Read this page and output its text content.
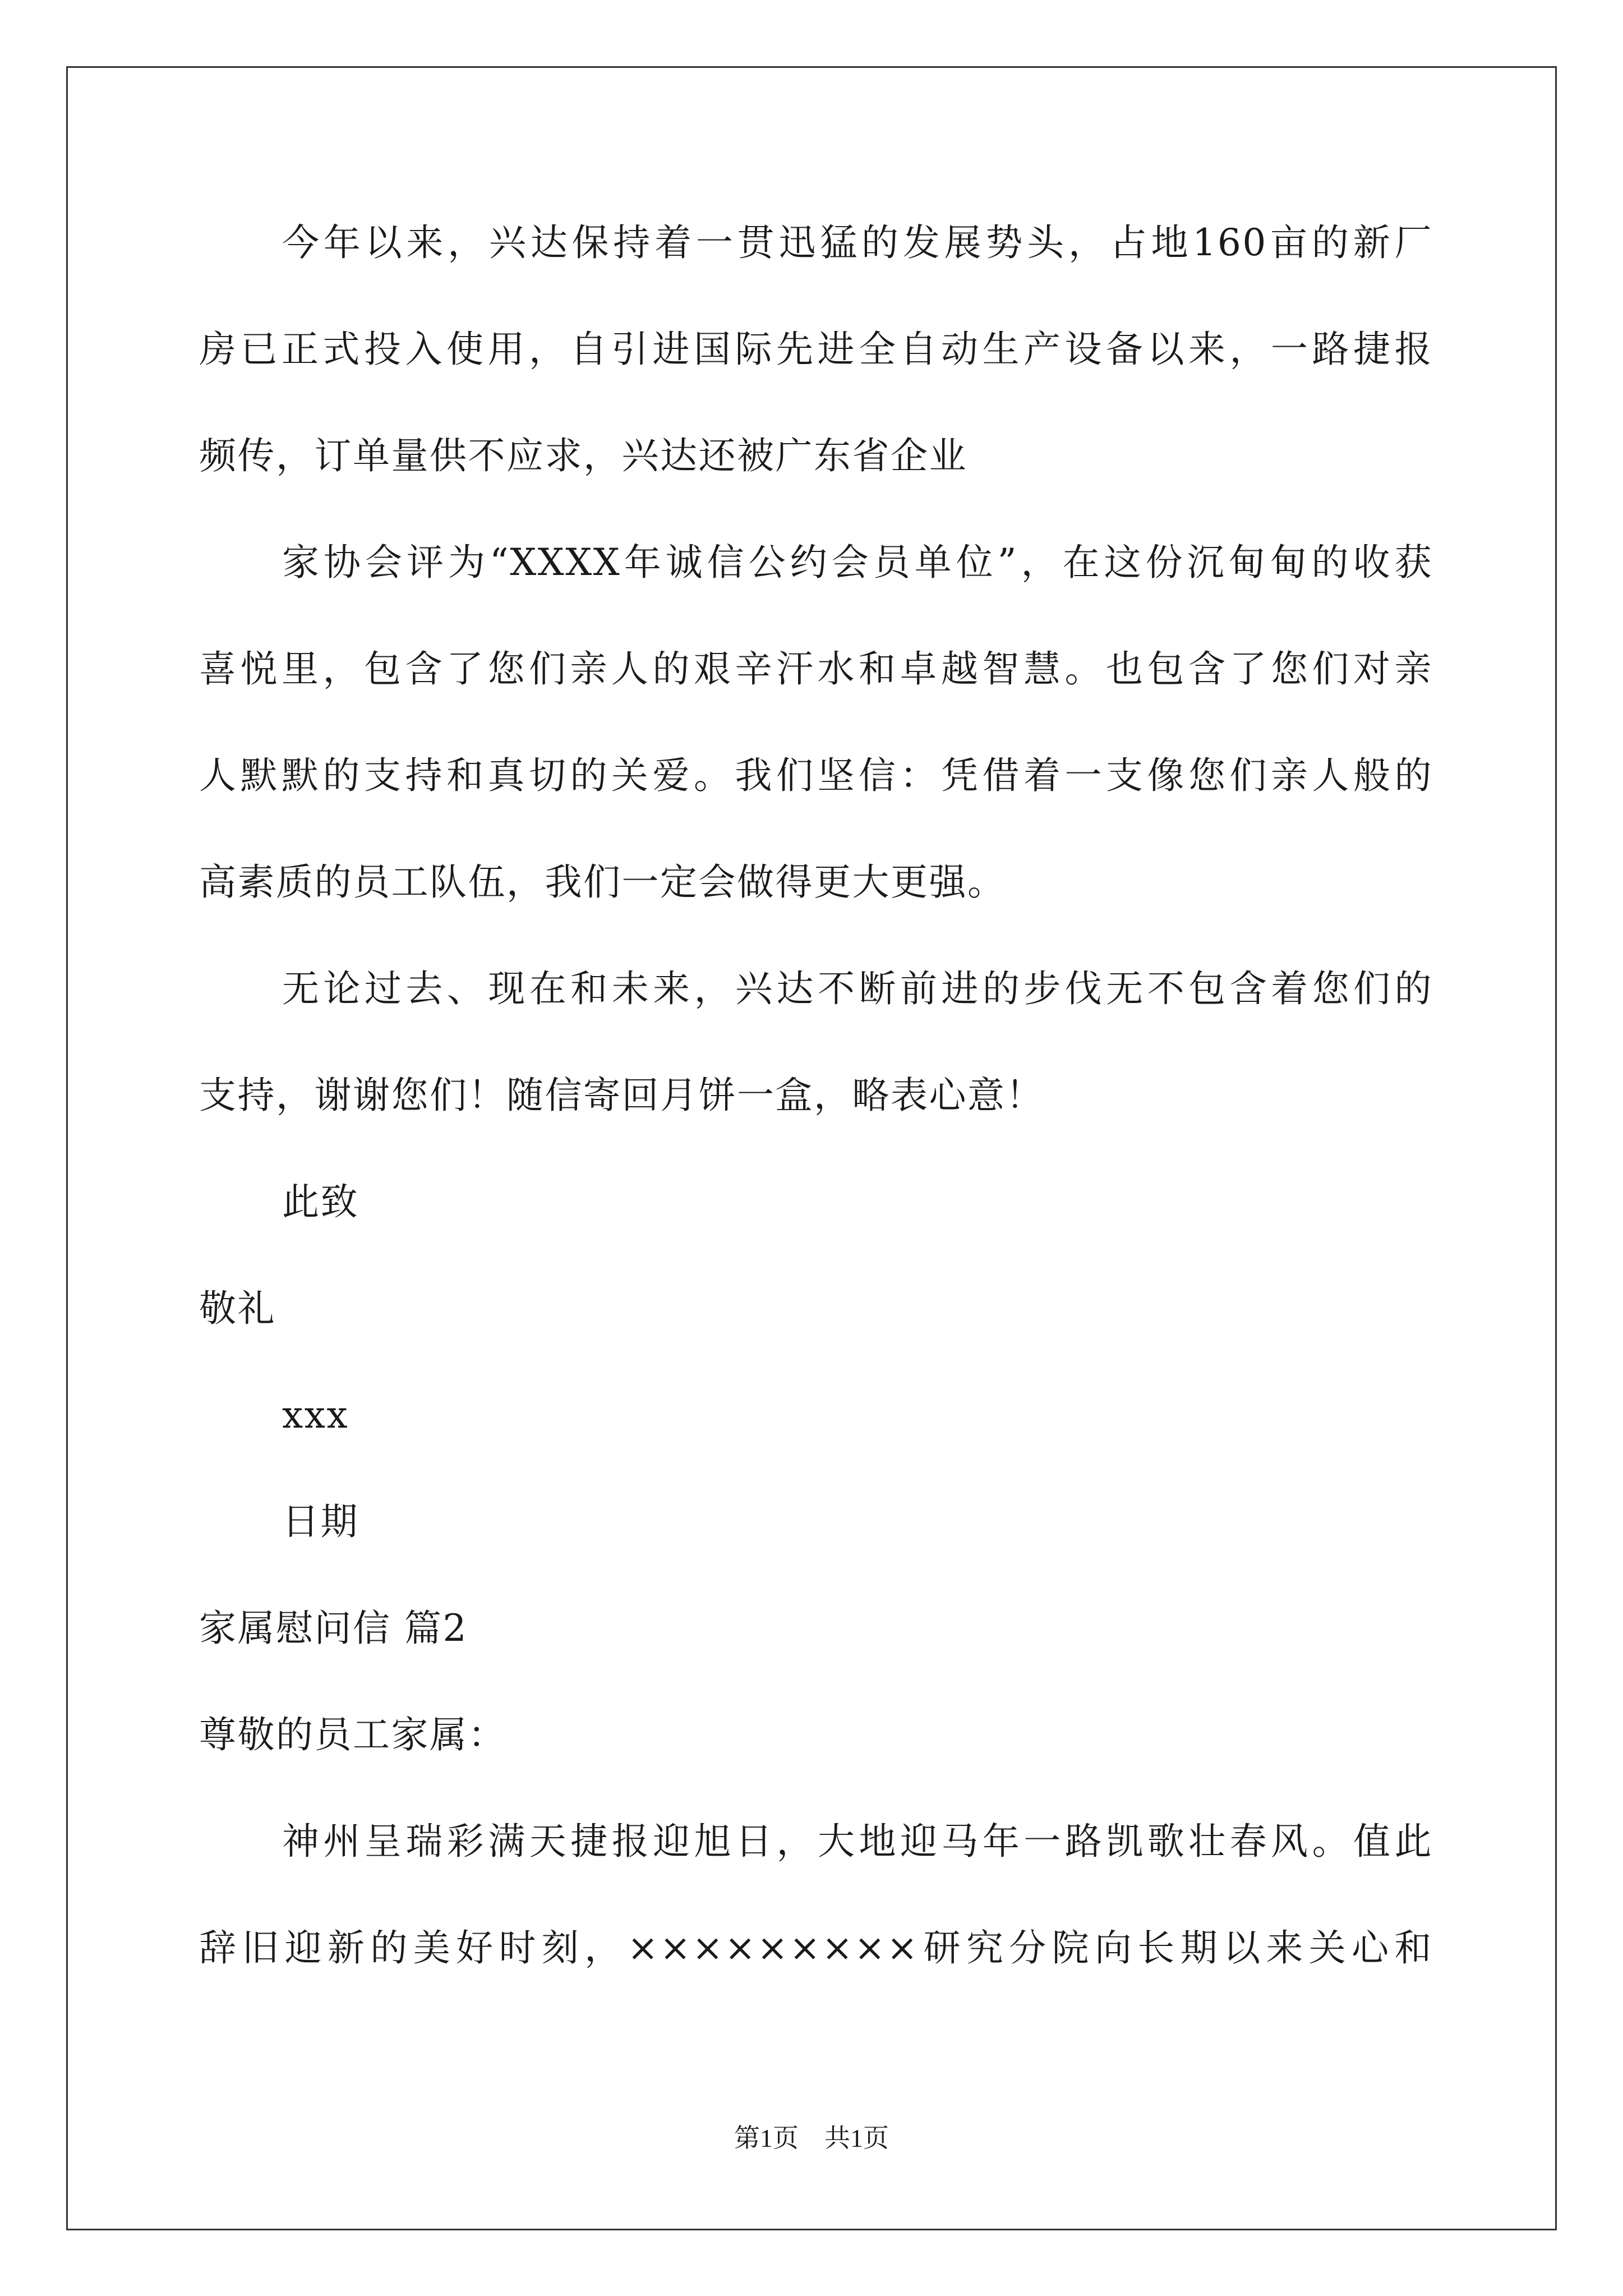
今年以来，兴达保持着一贯迅猛的发展势头，占地160亩的新厂
房已正式投入使用，自引进国际先进全自动生产设备以来，一路捷报
频传，订单量供不应求，兴达还被广东省企业
家协会评为“XXXX年诚信公约会员单位”，在这份沉甸甸的收获
喜悦里，包含了您们亲人的艰辛汗水和卓越智慧。也包含了您们对亲
人默默的支持和真切的关爱。我们坚信：凭借着一支像您们亲人般的
高素质的员工队伍，我们一定会做得更大更强。
无论过去、现在和未来，兴达不断前进的步伐无不包含着您们的
支持，谢谢您们！随信寄回月饼一盒，略表心意！
此致
敬礼
xxx
日期
家属慰问信 篇2
尊敬的员工家属：
神州呈瑞彩满天捷报迎旭日，大地迎马年一路凯歌壮春风。值此
辞旧迎新的美好时刻，×××××××××研究分院向长期以来关心和
第1页　共1页
